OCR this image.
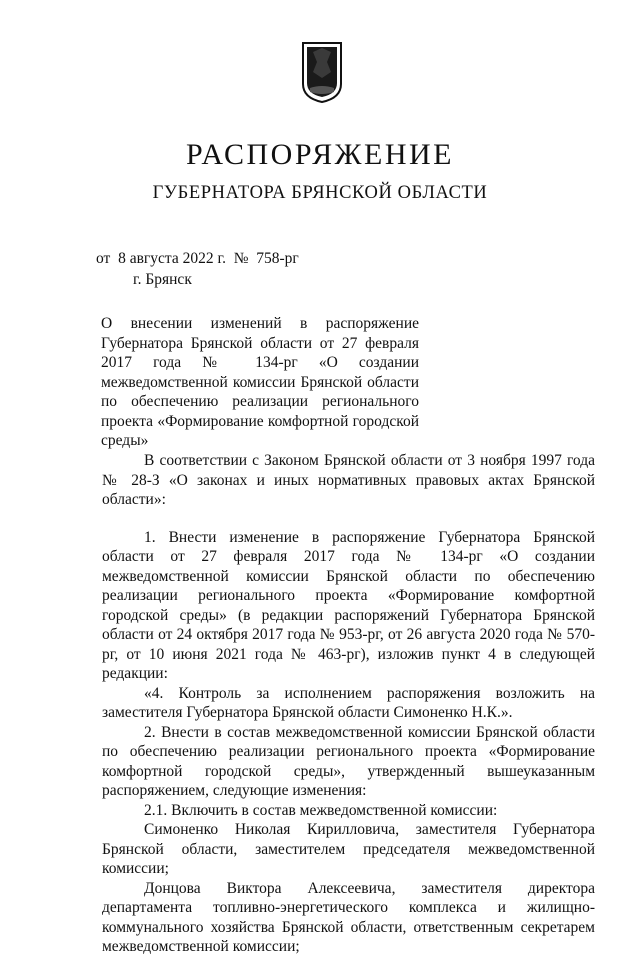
РАСПОРЯЖЕНИЕ
ГУБЕРНАТОРА БРЯНСКОЙ ОБЛАСТИ
от  8 августа 2022 г.  №  758-рг
г. Брянск

О внесении изменений в распоряжение Губернатора Брянской области от 27 февраля 2017 года № 134-рг «О создании межведомственной комиссии Брянской области по обеспечению реализации регионального проекта «Формирование комфортной городской среды»

В соответствии с Законом Брянской области от 3 ноября 1997 года № 28-З «О законах и иных нормативных правовых актах Брянской области»:

1. Внести изменение в распоряжение Губернатора Брянской области от 27 февраля 2017 года № 134-рг «О создании межведомственной комиссии Брянской области по обеспечению реализации регионального проекта «Формирование комфортной городской среды» (в редакции распоряжений Губернатора Брянской области от 24 октября 2017 года № 953-рг, от 26 августа 2020 года № 570-рг, от 10 июня 2021 года № 463-рг), изложив пункт 4 в следующей редакции:

«4. Контроль за исполнением распоряжения возложить на заместителя Губернатора Брянской области Симоненко Н.К.».

2. Внести в состав межведомственной комиссии Брянской области по обеспечению реализации регионального проекта «Формирование комфортной городской среды», утвержденный вышеуказанным распоряжением, следующие изменения:

2.1. Включить в состав межведомственной комиссии:

Симоненко Николая Кирилловича, заместителя Губернатора Брянской области, заместителем председателя межведомственной комиссии;

Донцова Виктора Алексеевича, заместителя директора департамента топливно-энергетического комплекса и жилищно-коммунального хозяйства Брянской области, ответственным секретарем межведомственной комиссии;
